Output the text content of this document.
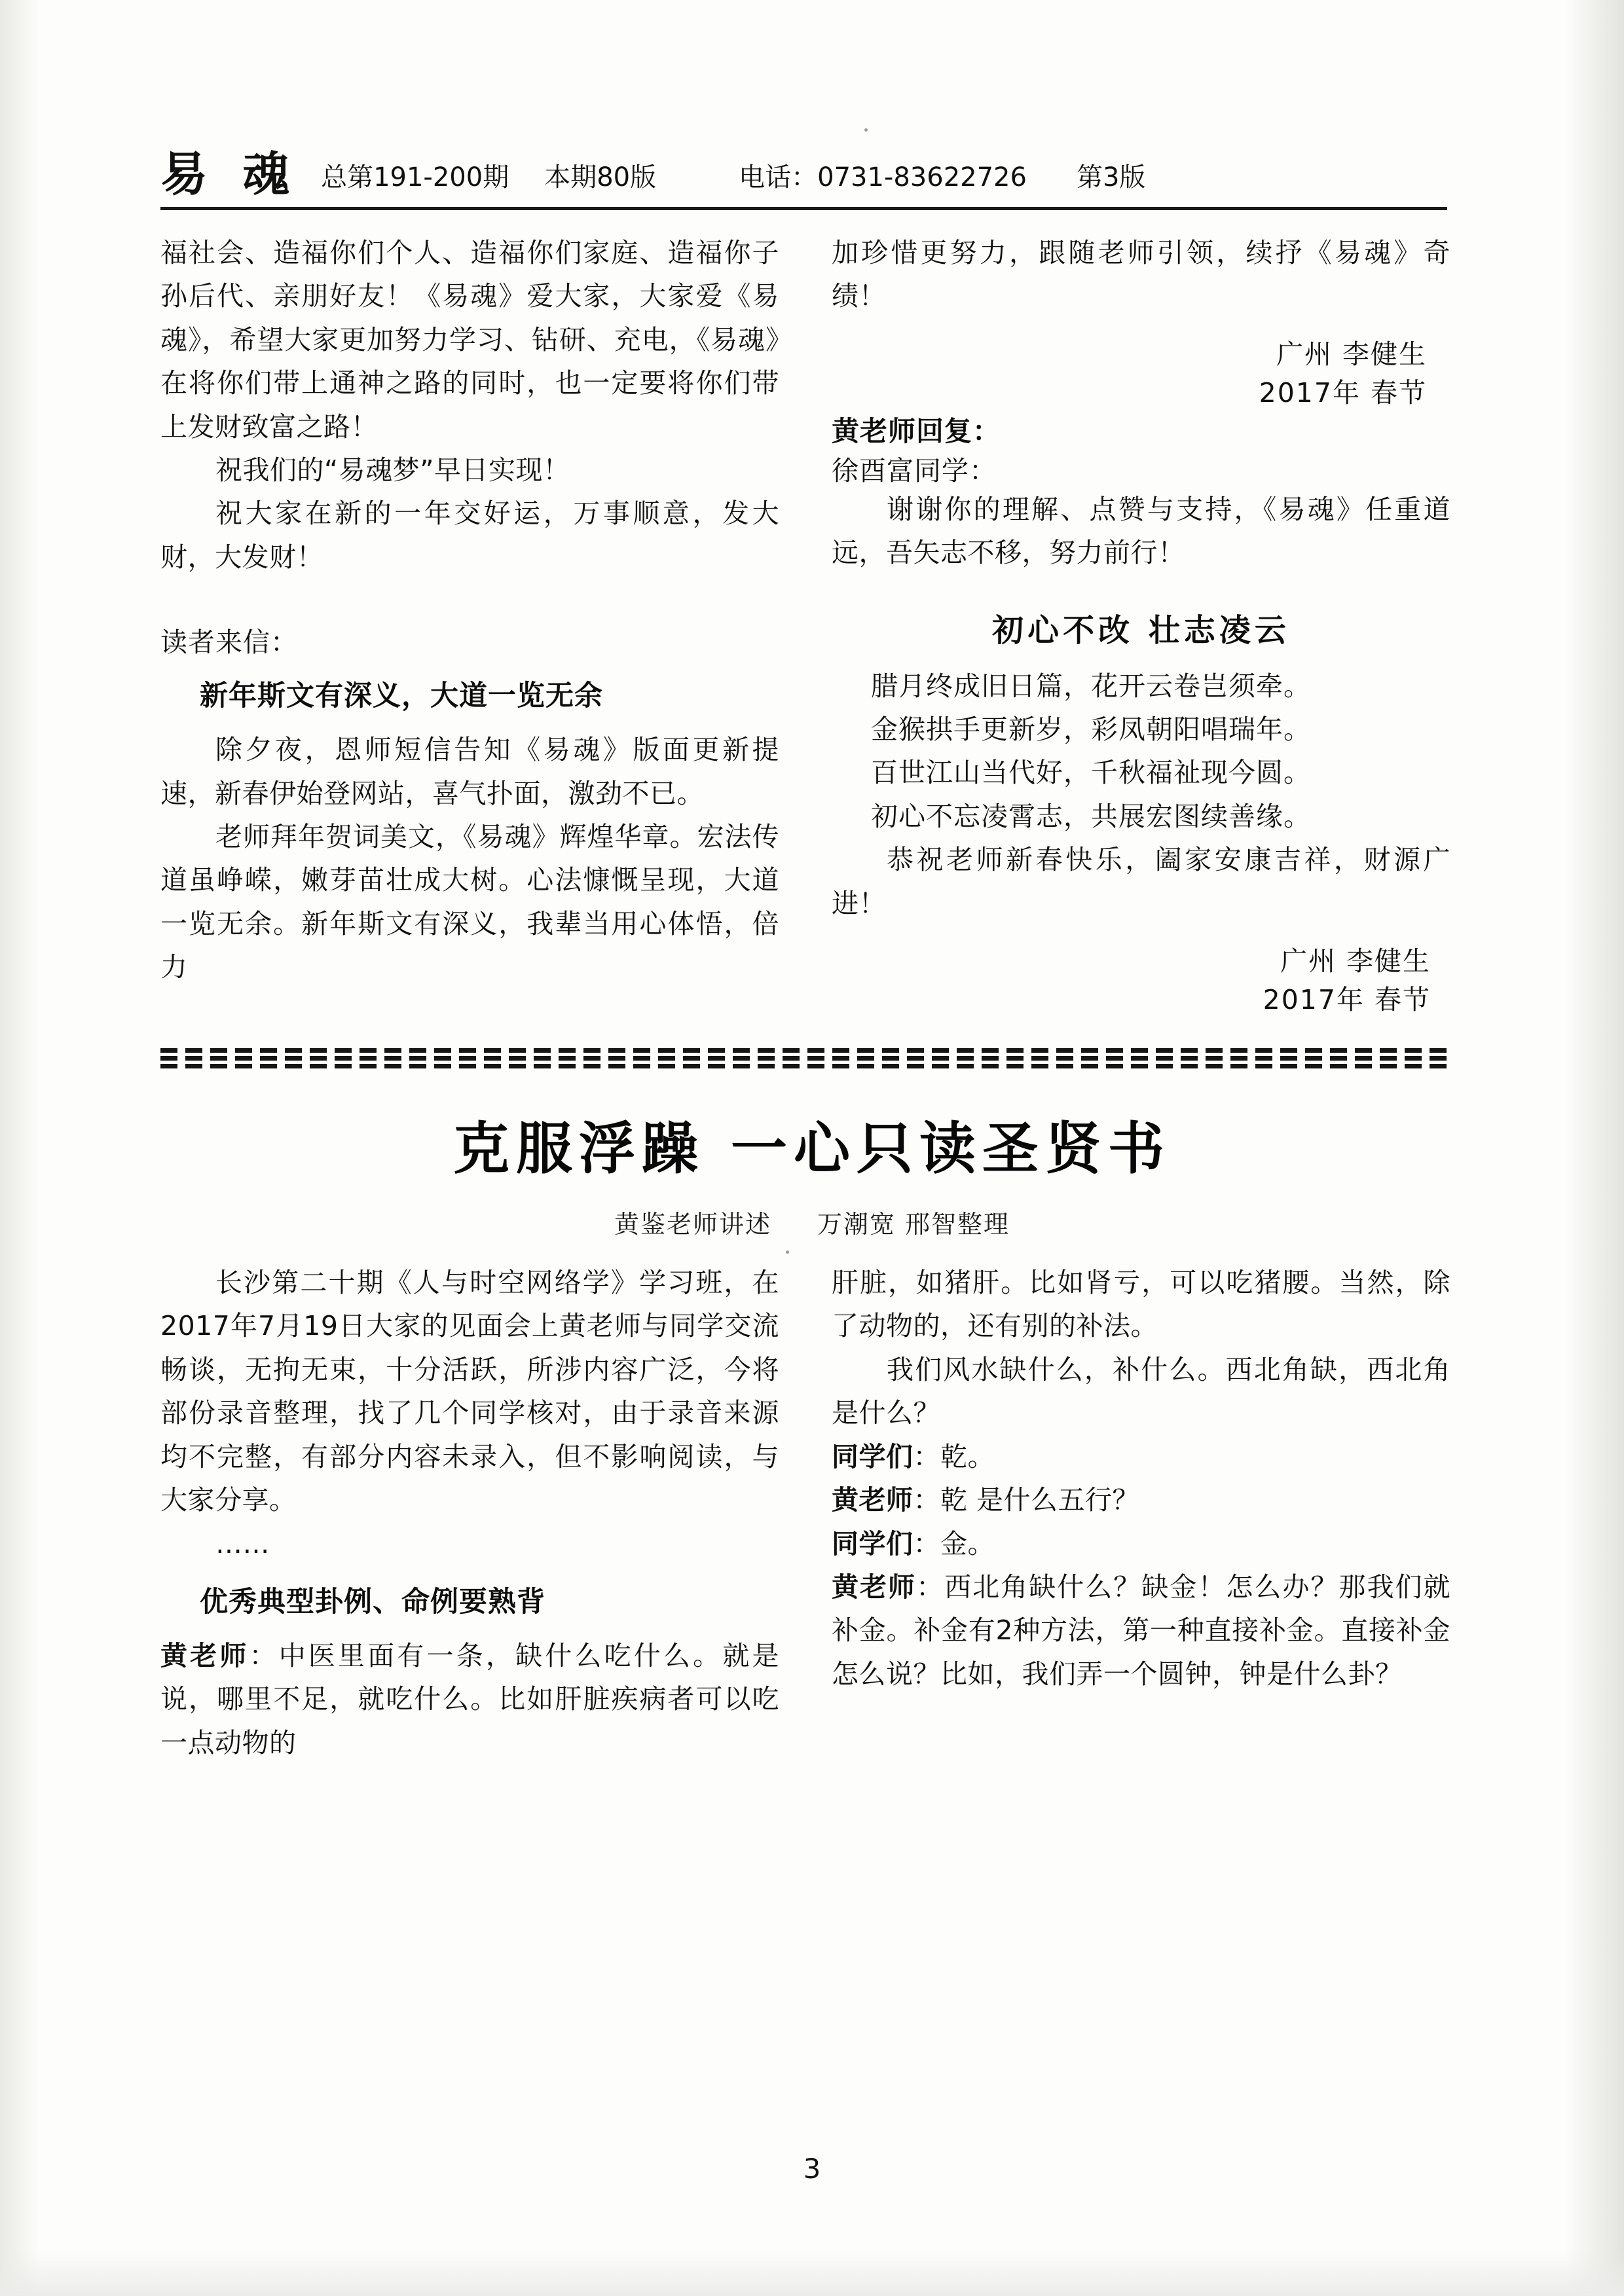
易 魂 总第191-200期 本期80版	电话：0731-83622726 第3版

福社会、造福你们个人、造福你们家庭、造福你子孙后代、亲朋好友！《易魂》爱大家，大家爱《易魂》，希望大家更加努力学习、钻研、充电，《易魂》在将你们带上通神之路的同时，也一定要将你们带上发财致富之路！

祝我们的“易魂梦”早日实现！

祝大家在新的一年交好运，万事顺意，发大财，大发财！

读者来信：

新年斯文有深义，大道一览无余

除夕夜，恩师短信告知《易魂》版面更新提速，新春伊始登网站，喜气扑面，激劲不已。

老师拜年贺词美文，《易魂》辉煌华章。宏法传道虽峥嵘，嫩芽苗壮成大树。心法慷慨呈现，大道一览无余。新年斯文有深义，我辈当用心体悟，倍力

加珍惜更努力，跟随老师引领，续抒《易魂》奇绩！

广州 李健生

2017年 春节

黄老师回复：

徐酉富同学：

谢谢你的理解、点赞与支持，《易魂》任重道远，吾矢志不移，努力前行！

初心不改 壮志凌云

腊月终成旧日篇，花开云卷岂须牵。

金猴拱手更新岁，彩凤朝阳唱瑞年。

百世江山当代好，千秋福祉现今圆。

初心不忘凌霄志，共展宏图续善缘。

恭祝老师新春快乐，阖家安康吉祥，财源广进！

广州 李健生

2017年 春节

克服浮躁 一心只读圣贤书

黄鉴老师讲述 万潮宽 邢智整理

长沙第二十期《人与时空网络学》学习班，在2017年7月19日大家的见面会上黄老师与同学交流畅谈，无拘无束，十分活跃，所涉内容广泛，今将部份录音整理，找了几个同学核对，由于录音来源均不完整，有部分内容未录入，但不影响阅读，与大家分享。

……

优秀典型卦例、命例要熟背

黄老师：中医里面有一条，缺什么吃什么。就是说，哪里不足，就吃什么。比如肝脏疾病者可以吃一点动物的

肝脏，如猪肝。比如肾亏，可以吃猪腰。当然，除了动物的，还有别的补法。

我们风水缺什么，补什么。西北角缺，西北角是什么？

同学们：乾。

黄老师：乾 是什么五行？

同学们：金。

黄老师：西北角缺什么？缺金！怎么办？那我们就补金。补金有2种方法，第一种直接补金。直接补金怎么说？比如，我们弄一个圆钟，钟是什么卦？

3
